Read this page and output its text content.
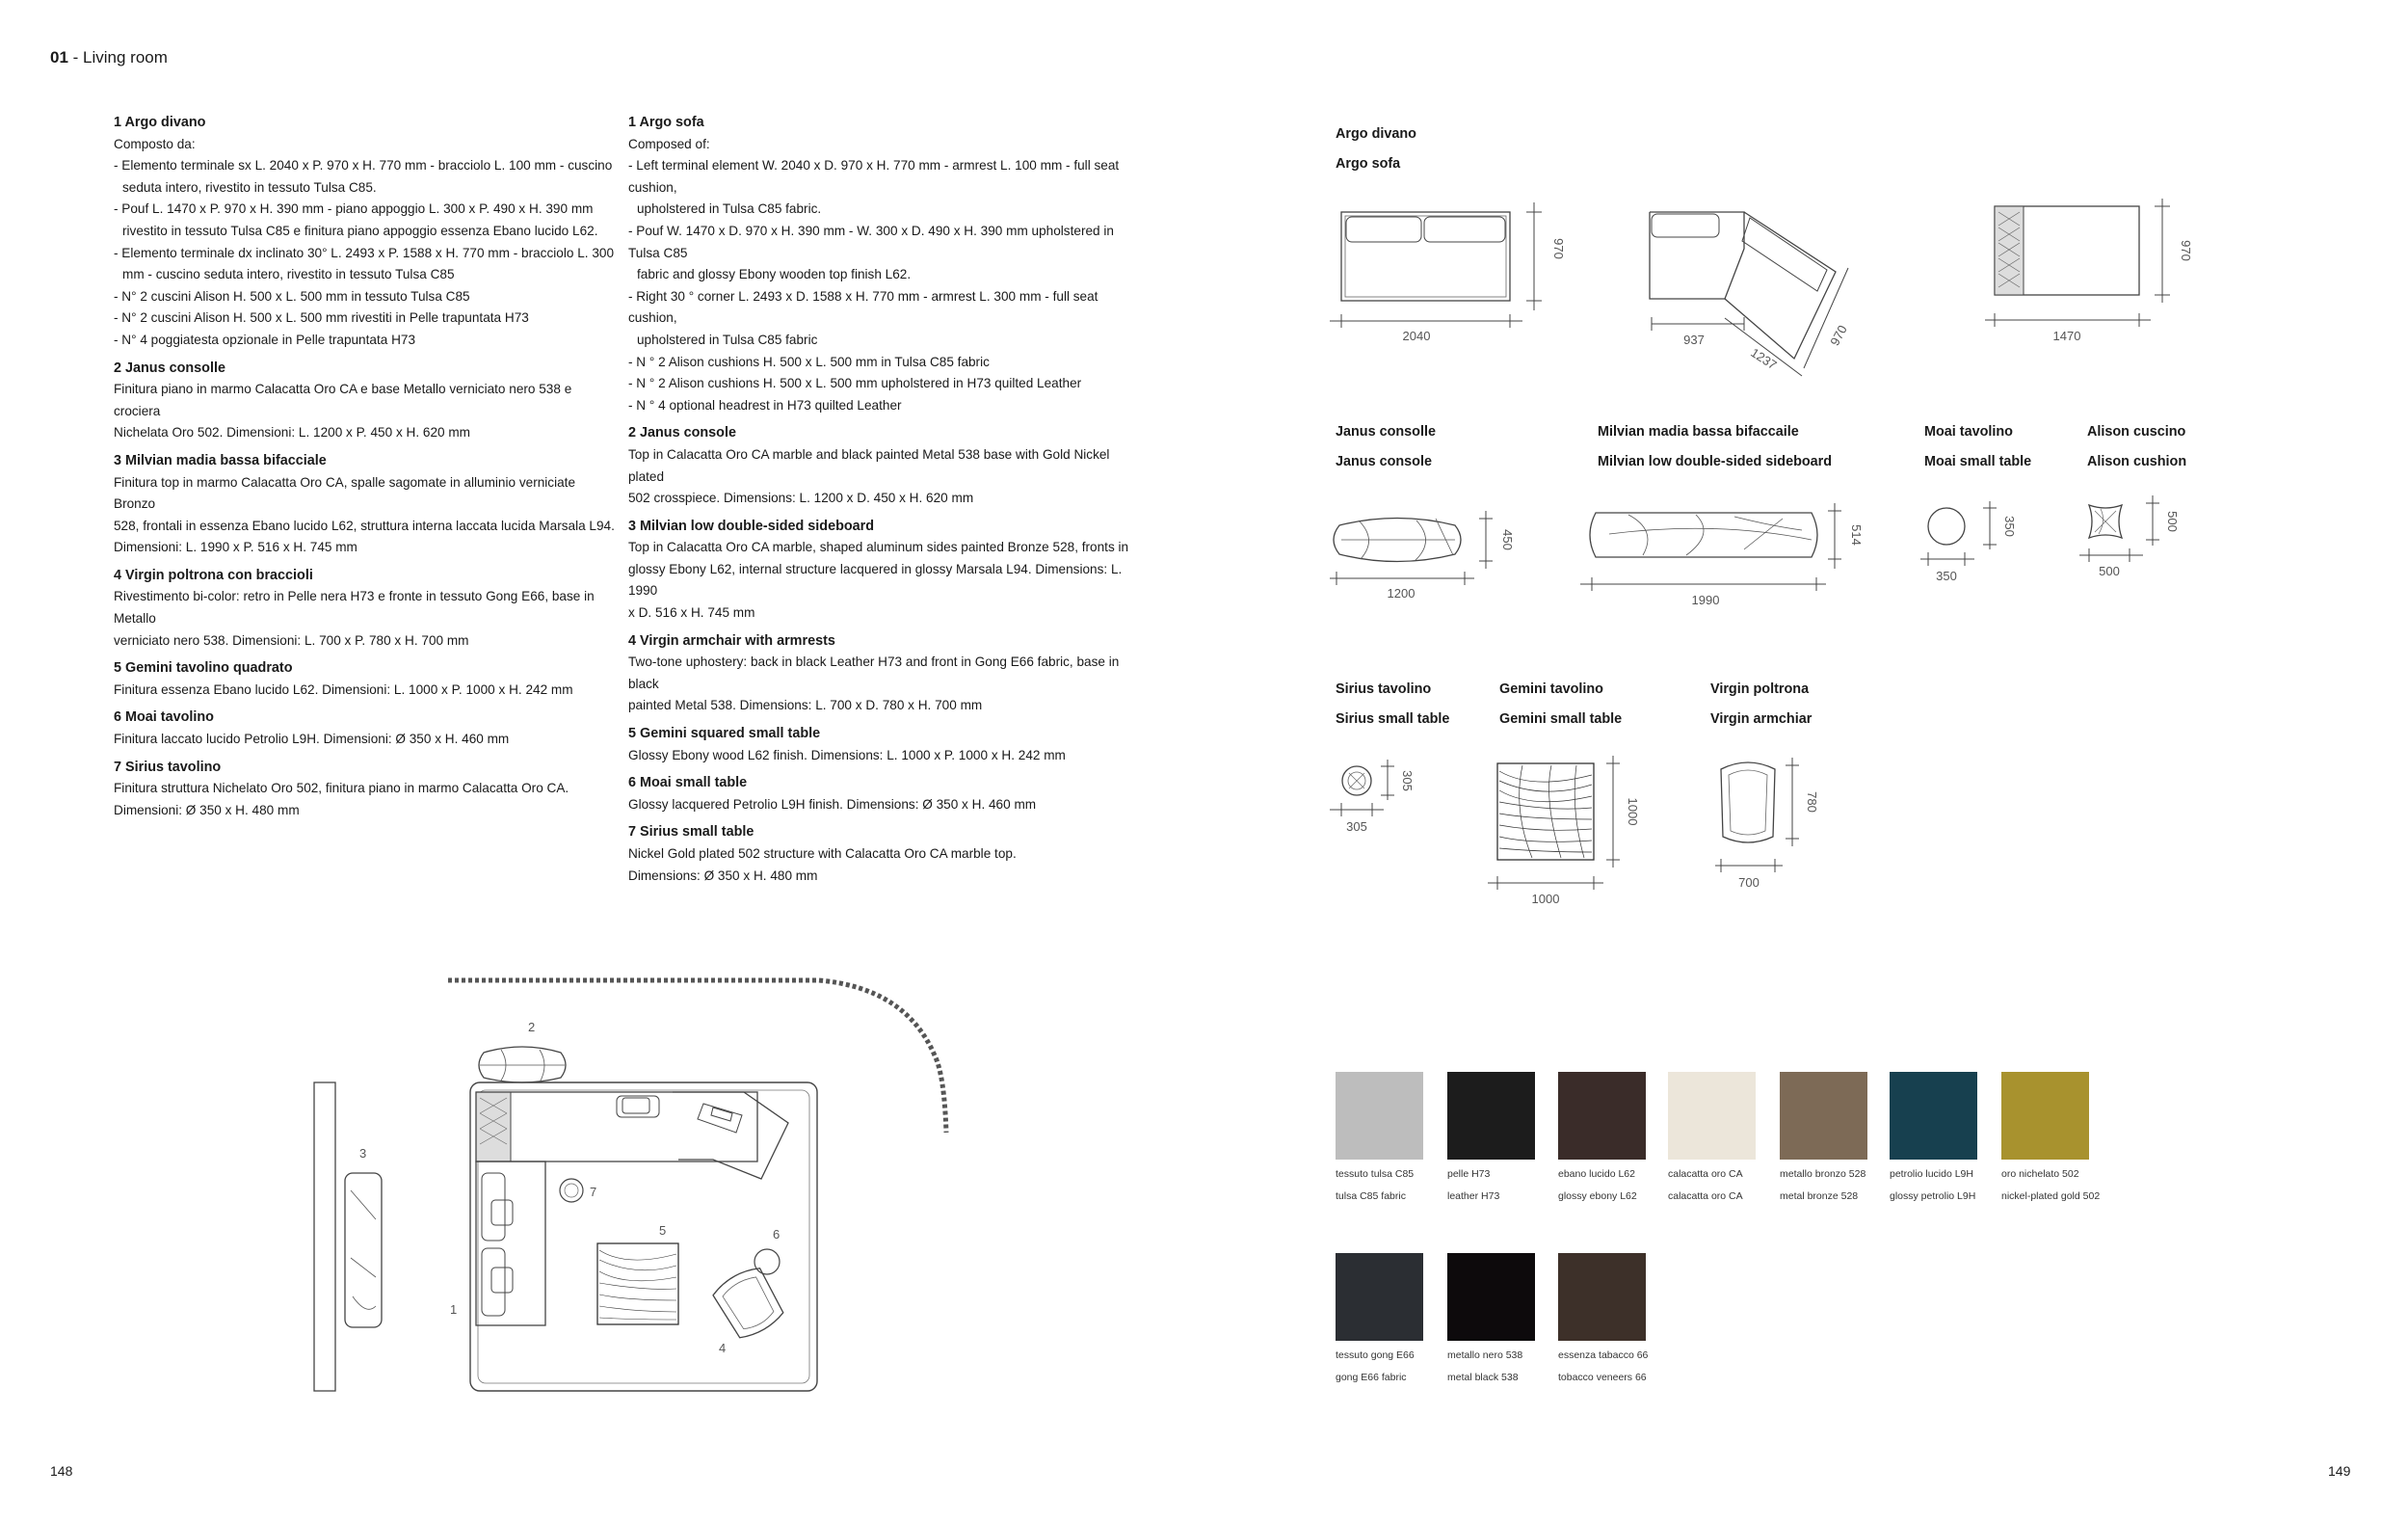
01 - Living room
1 Argo divano
Composto da:
- Elemento terminale sx L. 2040 x P. 970 x H. 770 mm - bracciolo L. 100 mm - cuscino
seduta intero, rivestito in tessuto Tulsa C85.
- Pouf L. 1470 x P. 970 x H. 390 mm - piano appoggio L. 300 x P. 490 x H. 390 mm
rivestito in tessuto Tulsa C85 e finitura piano appoggio essenza Ebano lucido L62.
- Elemento terminale dx inclinato 30° L. 2493 x P. 1588 x H. 770 mm - bracciolo L. 300
mm - cuscino seduta intero, rivestito in tessuto Tulsa C85
- N° 2 cuscini Alison H. 500 x L. 500 mm in tessuto Tulsa C85
- N° 2 cuscini Alison H. 500 x L. 500 mm rivestiti in Pelle trapuntata H73
- N° 4 poggiatesta opzionale in Pelle trapuntata H73
2 Janus consolle
Finitura piano in marmo Calacatta Oro CA e base Metallo verniciato nero 538 e crociera
Nichelata Oro 502. Dimensioni: L. 1200 x P. 450 x H. 620 mm
3 Milvian madia bassa bifacciale
Finitura top in marmo Calacatta Oro CA, spalle sagomate in alluminio verniciate Bronzo
528, frontali in essenza Ebano lucido L62, struttura interna laccata lucida Marsala L94.
Dimensioni: L. 1990 x P. 516 x H. 745 mm
4 Virgin poltrona con braccioli
Rivestimento bi-color: retro in Pelle nera H73 e fronte in tessuto Gong E66, base in Metallo
verniciato nero 538. Dimensioni: L. 700 x P. 780 x H. 700 mm
5 Gemini tavolino quadrato
Finitura essenza Ebano lucido L62. Dimensioni: L. 1000 x P. 1000 x H. 242 mm
6 Moai tavolino
Finitura laccato lucido Petrolio L9H. Dimensioni: Ø 350 x H. 460 mm
7 Sirius tavolino
Finitura struttura Nichelato Oro 502, finitura piano in marmo Calacatta Oro CA.
Dimensioni: Ø 350 x H. 480 mm
1 Argo sofa
Composed of:
- Left terminal element W. 2040 x D. 970 x H. 770 mm - armrest L. 100 mm - full seat cushion,
upholstered in Tulsa C85 fabric.
- Pouf W. 1470 x D. 970 x H. 390 mm - W. 300 x D. 490 x H. 390 mm upholstered in Tulsa C85
fabric and glossy Ebony wooden top finish L62.
- Right 30 ° corner L. 2493 x D. 1588 x H. 770 mm - armrest L. 300 mm - full seat cushion,
upholstered in Tulsa C85 fabric
- N ° 2 Alison cushions H. 500 x L. 500 mm in Tulsa C85 fabric
- N ° 2 Alison cushions H. 500 x L. 500 mm upholstered in H73 quilted Leather
- N ° 4 optional headrest in H73 quilted Leather
2 Janus console
Top in Calacatta Oro CA marble and black painted Metal 538 base with Gold Nickel plated
502 crosspiece. Dimensions: L. 1200 x D. 450 x H. 620 mm
3 Milvian low double-sided sideboard
Top in Calacatta Oro CA marble, shaped aluminum sides painted Bronze 528, fronts in
glossy Ebony L62, internal structure lacquered in glossy Marsala L94. Dimensions: L. 1990
x D. 516 x H. 745 mm
4 Virgin armchair with armrests
Two-tone uphostery: back in black Leather H73 and front in Gong E66 fabric, base in black
painted Metal 538. Dimensions: L. 700 x D. 780 x H. 700 mm
5 Gemini squared small table
Glossy Ebony wood L62 finish. Dimensions: L. 1000 x P. 1000 x H. 242 mm
6 Moai small table
Glossy lacquered Petrolio L9H finish. Dimensions: Ø 350 x H. 460 mm
7 Sirius small table
Nickel Gold plated 502 structure with Calacatta Oro CA marble top.
Dimensions: Ø 350 x H. 480 mm
Argo divano
Argo sofa
2040
970
937
1237
970	1470
970
Janus consolle
Janus console
1200
450
Milvian madia bassa bifaccaile
Milvian low double-sided sideboard
1990
514
Moai tavolino
Moai small table
350
350
Alison cuscino
Alison cushion
500
500
Sirius tavolino
Sirius small table
305
305
Gemini tavolino
Gemini small table
1000
1000
Virgin poltrona
Virgin armchiar
700
780
1
2
3
4
5	6
7
tessuto tulsa C85
tulsa C85 fabric
pelle H73
leather H73
ebano lucido L62
glossy ebony L62
calacatta oro CA
calacatta oro CA
metallo bronzo 528
metal bronze 528
petrolio lucido L9H
glossy petrolio L9H
oro nichelato 502
nickel-plated gold 502
tessuto gong E66
gong E66 fabric
metallo nero 538
metal black 538
essenza tabacco 66
tobacco veneers 66
148	149
